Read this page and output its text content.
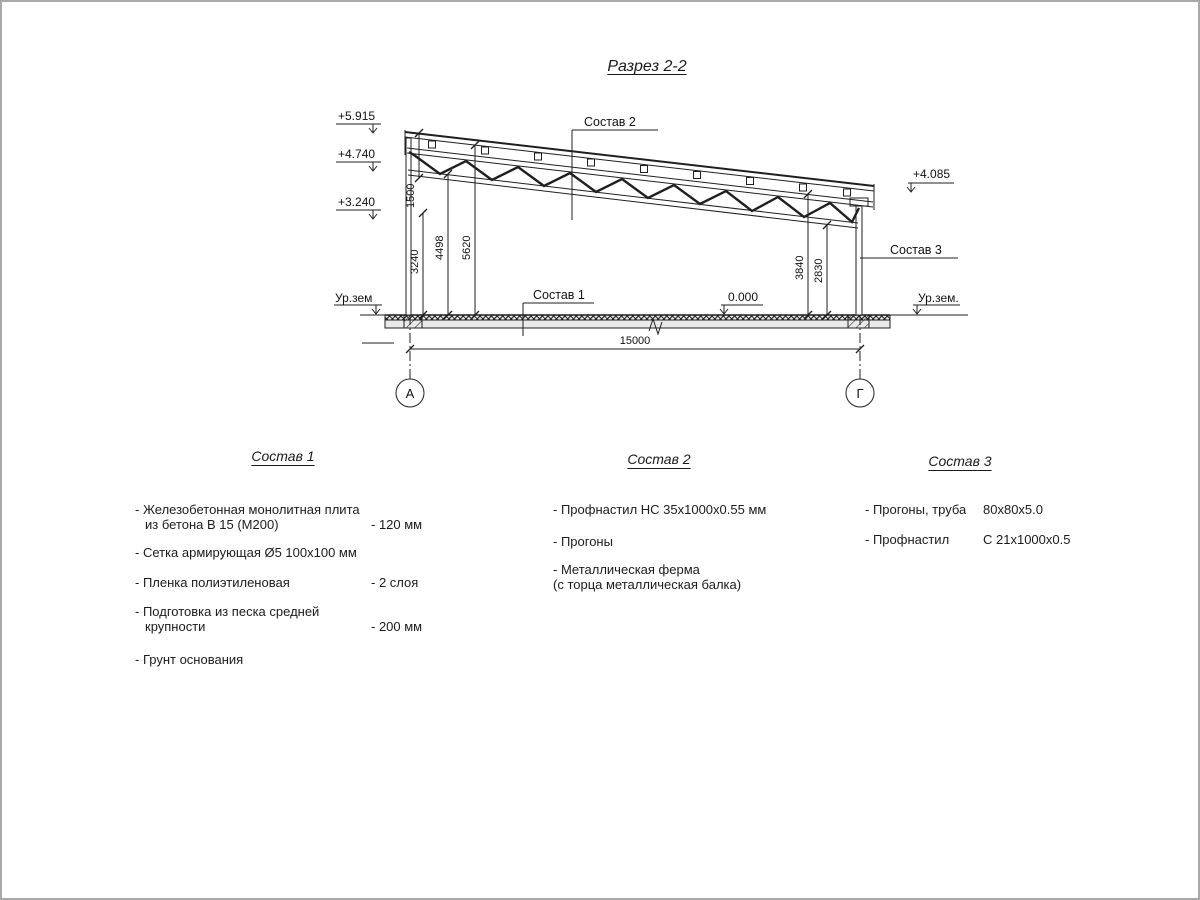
Разрез 2-2
1500
3240
4498 5620
3840 2830
15000
А	Г
+5.915
+4.740
+3.240
+4.085
0.000
Ур.зем	Ур.зем.
Состав 1
Состав 2
Состав 3
Состав 1
- Железобетонная монолитная плита
из бетона В 15 (М200)	- 120 мм
- Сетка армирующая Ø5 100х100 мм
- Пленка полиэтиленовая	- 2 слоя
- Подготовка из песка средней
крупности	- 200 мм
- Грунт основания
Состав 2
- Профнастил НС 35х1000х0.55 мм
- Прогоны
- Металлическая ферма
(с торца металлическая балка)
Состав 3
- Прогоны, труба	80х80х5.0
- Профнастил	С 21х1000х0.5
